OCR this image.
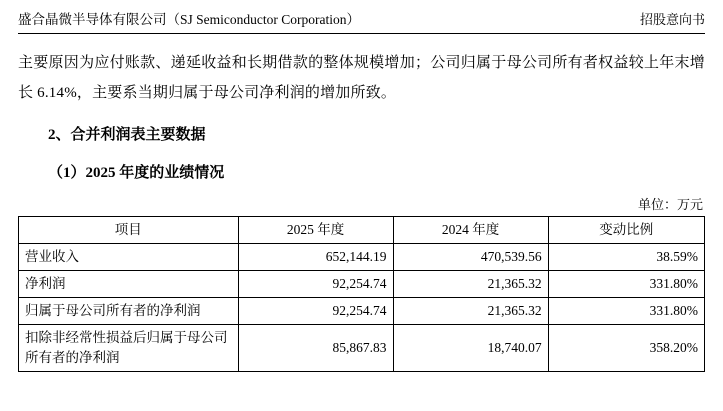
盛合晶微半导体有限公司（SJ Semiconductor Corporation）	招股意向书
主要原因为应付账款、递延收益和长期借款的整体规模增加；公司归属于母公司所有者权益较上年末增长 6.14%，主要系当期归属于母公司净利润的增加所致。
2、合并利润表主要数据
（1）2025 年度的业绩情况
单位：万元
项目	2025 年度	2024 年度	变动比例
营业收入	652,144.19	470,539.56	38.59%
净利润	92,254.74	21,365.32	331.80%
归属于母公司所有者的净利润	92,254.74	21,365.32	331.80%
扣除非经常性损益后归属于母公司所有者的净利润	85,867.83	18,740.07	358.20%
